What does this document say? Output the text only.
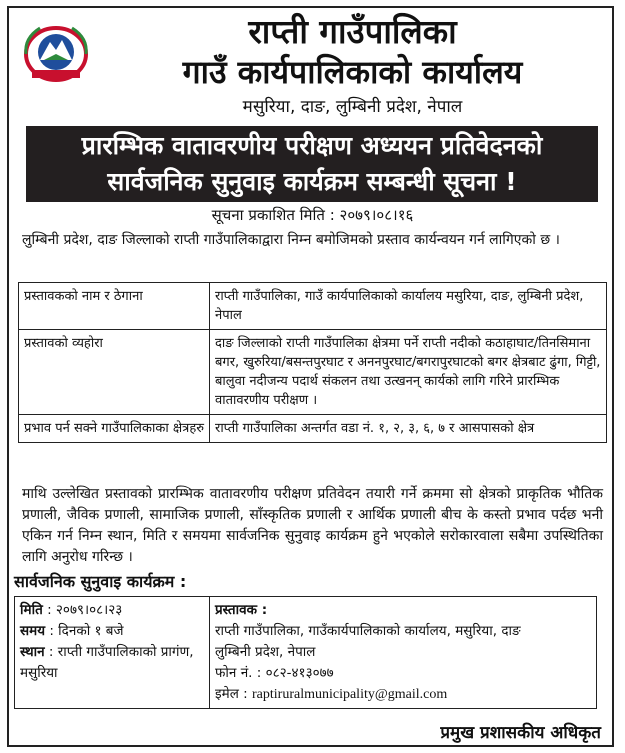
राप्ती गाउँपालिका
गाउँ कार्यपालिकाको कार्यालय
मसुरिया, दाङ, लुम्बिनी प्रदेश, नेपाल
प्रारम्भिक वातावरणीय परीक्षण अध्ययन प्रतिवेदनको
सार्वजनिक सुनुवाइ कार्यक्रम सम्बन्धी सूचना !
सूचना प्रकाशित मिति : २०७९।०८।१६
लुम्बिनी प्रदेश, दाङ जिल्लाको राप्ती गाउँपालिकाद्वारा निम्न बमोजिमको प्रस्ताव कार्यन्वयन गर्न लागिएको छ ।
प्रस्तावकको नाम र ठेगाना	राप्ती गाउँपालिका, गाउँ कार्यपालिकाको कार्यालय मसुरिया, दाङ, लुम्बिनी प्रदेश, नेपाल
प्रस्तावको व्यहोरा	दाङ जिल्लाको राप्ती गाउँपालिका क्षेत्रमा पर्ने राप्ती नदीको कठाहाघाट/तिनसिमाना बगर, खुरुरिया/बसन्तपुरघाट र अननपुरघाट/बगरापुरघाटको बगर क्षेत्रबाट ढुंगा, गिट्टी, बालुवा नदीजन्य पदार्थ संकलन तथा उत्खनन् कार्यको लागि गरिने प्रारम्भिक वातावरणीय परीक्षण ।
प्रभाव पर्न सक्ने गाउँपालिकाका क्षेत्रहरु	राप्ती गाउँपालिका अन्तर्गत वडा नं. १, २, ३, ६, ७ र आसपासको क्षेत्र
माथि उल्लेखित प्रस्तावको प्रारम्भिक वातावरणीय परीक्षण प्रतिवेदन तयारी गर्ने क्रममा सो क्षेत्रको प्राकृतिक भौतिक प्रणाली, जैविक प्रणाली, सामाजिक प्रणाली, साँस्कृतिक प्रणाली र आर्थिक प्रणाली बीच के कस्तो प्रभाव पर्दछ भनी एकिन गर्न निम्न स्थान, मिति र समयमा सार्वजनिक सुनुवाइ कार्यक्रम हुने भएकोले सरोकारवाला सबैमा उपस्थितिका लागि अनुरोध गरिन्छ ।
सार्वजनिक सुनुवाइ कार्यक्रम :
मिति : २०७९।०८।२३
समय : दिनको १ बजे
स्थान : राप्ती गाउँपालिकाको प्रागंण, मसुरिया

प्रस्तावक :
राप्ती गाउँपालिका, गाउँकार्यपालिकाको कार्यालय, मसुरिया, दाङ
लुम्बिनी प्रदेश, नेपाल
फोन नं. : ०८२-४१३०७७
इमेल : raptiruralmunicipality@gmail.com
प्रमुख प्रशासकीय अधिकृत
